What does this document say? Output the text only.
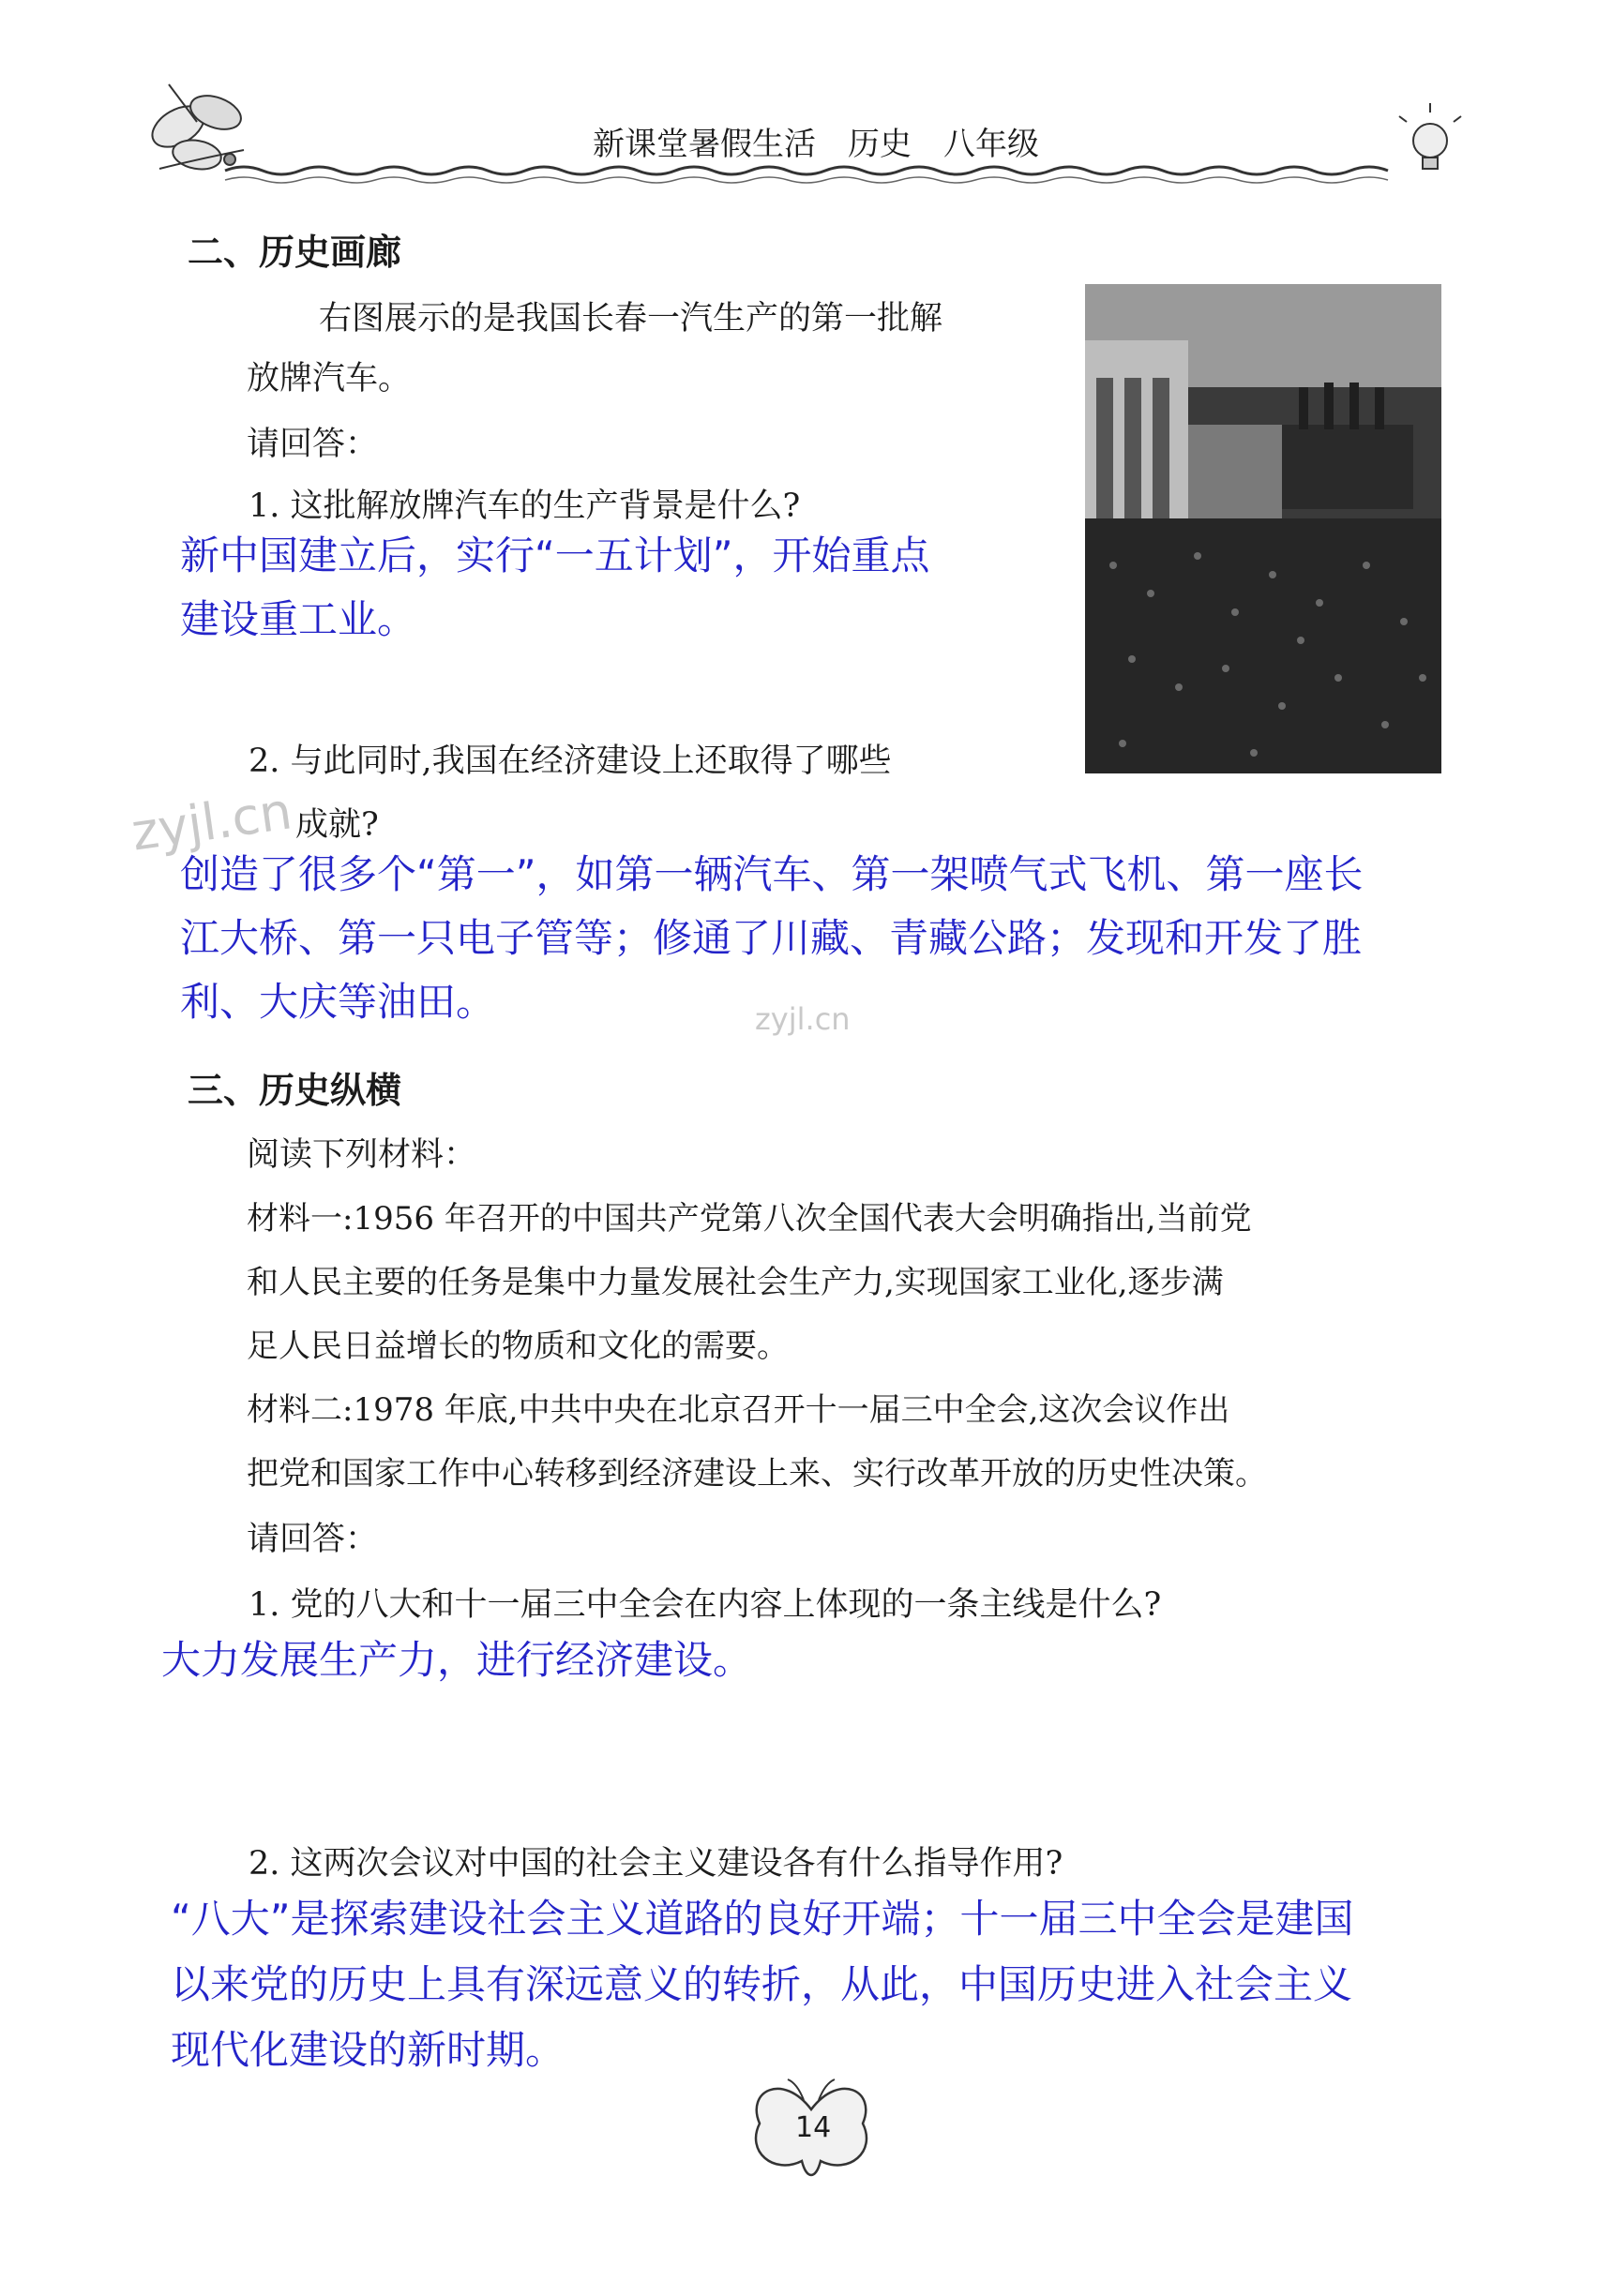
新课堂暑假生活　历史　八年级
二、历史画廊
右图展示的是我国长春一汽生产的第一批解
放牌汽车。
请回答：
1. 这批解放牌汽车的生产背景是什么?
新中国建立后，实行“一五计划”，开始重点
建设重工业。
2. 与此同时,我国在经济建设上还取得了哪些
成就?
zyjl.cn
创造了很多个“第一”，如第一辆汽车、第一架喷气式飞机、第一座长
江大桥、第一只电子管等；修通了川藏、青藏公路；发现和开发了胜
利、大庆等油田。	zyjl.cn
三、历史纵横
阅读下列材料：
材料一:1956 年召开的中国共产党第八次全国代表大会明确指出,当前党
和人民主要的任务是集中力量发展社会生产力,实现国家工业化,逐步满
足人民日益增长的物质和文化的需要。
材料二:1978 年底,中共中央在北京召开十一届三中全会,这次会议作出
把党和国家工作中心转移到经济建设上来、实行改革开放的历史性决策。
请回答：
1. 党的八大和十一届三中全会在内容上体现的一条主线是什么?
大力发展生产力，进行经济建设。
2. 这两次会议对中国的社会主义建设各有什么指导作用?
“八大”是探索建设社会主义道路的良好开端；十一届三中全会是建国
以来党的历史上具有深远意义的转折，从此，中国历史进入社会主义
现代化建设的新时期。
14
